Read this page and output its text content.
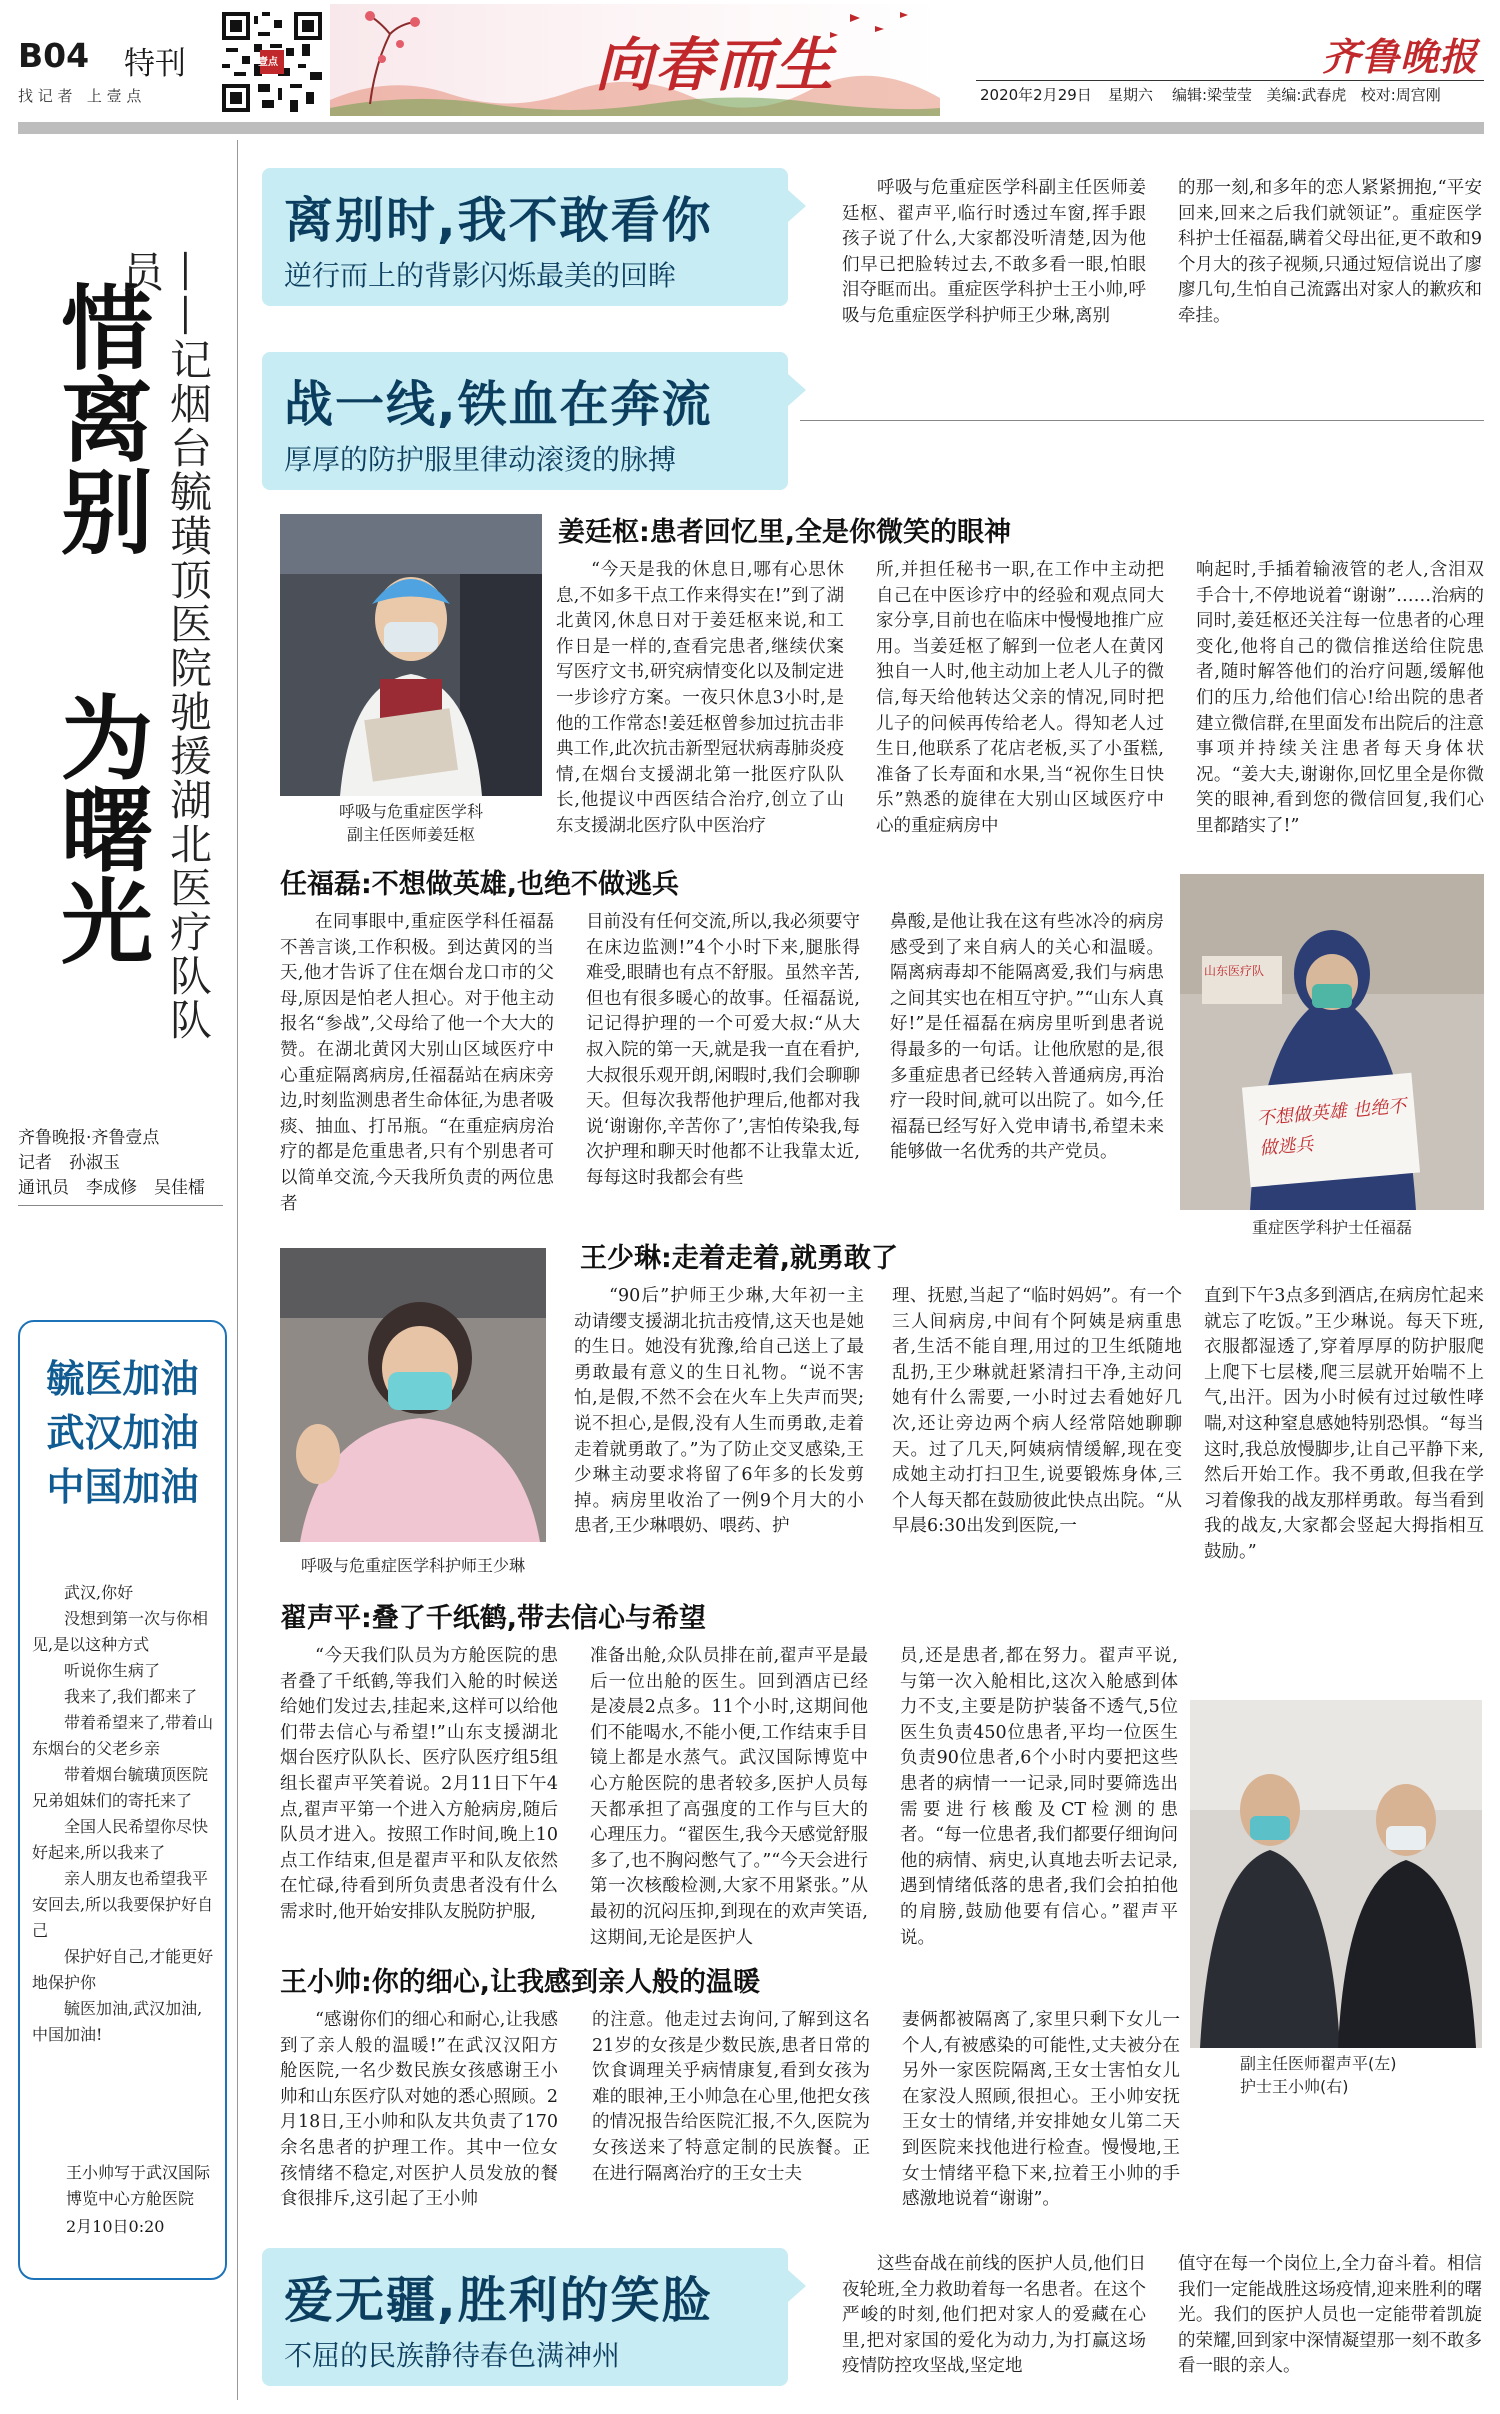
B04 特刊
找 记 者   上 壹 点
壹点	向春而生	齐鲁晚报
2020年2月29日 星期六 编辑:梁莹莹   美编:武春虎   校对:周宫刚
惜离别
为曙光 ——记烟台毓璜顶医院驰援湖北医疗队队员
齐鲁晚报·齐鲁壹点
记者　孙淑玉
通讯员　李成修　吴佳檑
毓医加油
武汉加油
中国加油
武汉,你好
没想到第一次与你相见,是以这种方式
听说你生病了
我来了,我们都来了
带着希望来了,带着山东烟台的父老乡亲
带着烟台毓璜顶医院兄弟姐妹们的寄托来了
全国人民希望你尽快好起来,所以我来了
亲人朋友也希望我平安回去,所以我要保护好自己
保护好自己,才能更好地保护你
毓医加油,武汉加油,中国加油!
王小帅写于武汉国际博览中心方舱医院
2月10日0:20
离别时,我不敢看你
逆行而上的背影闪烁最美的回眸
战一线,铁血在奔流
厚厚的防护服里律动滚烫的脉搏
爱无疆,胜利的笑脸
不屈的民族静待春色满神州

呼吸与危重症医学科副主任医师姜廷枢、翟声平,临行时透过车窗,挥手跟孩子说了什么,大家都没听清楚,因为他们早已把脸转过去,不敢多看一眼,怕眼泪夺眶而出。重症医学科护士王小帅,呼吸与危重症医学科护师王少琳,离别

的那一刻,和多年的恋人紧紧拥抱,“平安回来,回来之后我们就领证”。重症医学科护士任福磊,瞒着父母出征,更不敢和9个月大的孩子视频,只通过短信说出了廖廖几句,生怕自己流露出对家人的歉疚和牵挂。

姜廷枢:患者回忆里,全是你微笑的眼神
呼吸与危重症医学科
副主任医师姜廷枢

“今天是我的休息日,哪有心思休息,不如多干点工作来得实在!”到了湖北黄冈,休息日对于姜廷枢来说,和工作日是一样的,查看完患者,继续伏案写医疗文书,研究病情变化以及制定进一步诊疗方案。一夜只休息3小时,是他的工作常态!姜廷枢曾参加过抗击非典工作,此次抗击新型冠状病毒肺炎疫情,在烟台支援湖北第一批医疗队队长,他提议中西医结合治疗,创立了山东支援湖北医疗队中医治疗

所,并担任秘书一职,在工作中主动把自己在中医诊疗中的经验和观点同大家分享,目前也在临床中慢慢地推广应用。当姜廷枢了解到一位老人在黄冈独自一人时,他主动加上老人儿子的微信,每天给他转达父亲的情况,同时把儿子的问候再传给老人。得知老人过生日,他联系了花店老板,买了小蛋糕,准备了长寿面和水果,当“祝你生日快乐”熟悉的旋律在大别山区域医疗中心的重症病房中

响起时,手插着输液管的老人,含泪双手合十,不停地说着“谢谢”……治病的同时,姜廷枢还关注每一位患者的心理变化,他将自己的微信推送给住院患者,随时解答他们的治疗问题,缓解他们的压力,给他们信心!给出院的患者建立微信群,在里面发布出院后的注意事项并持续关注患者每天身体状况。“姜大夫,谢谢你,回忆里全是你微笑的眼神,看到您的微信回复,我们心里都踏实了!”

任福磊:不想做英雄,也绝不做逃兵

在同事眼中,重症医学科任福磊不善言谈,工作积极。到达黄冈的当天,他才告诉了住在烟台龙口市的父母,原因是怕老人担心。对于他主动报名“参战”,父母给了他一个大大的赞。在湖北黄冈大别山区域医疗中心重症隔离病房,任福磊站在病床旁边,时刻监测患者生命体征,为患者吸痰、抽血、打吊瓶。“在重症病房治疗的都是危重患者,只有个别患者可以简单交流,今天我所负责的两位患者

目前没有任何交流,所以,我必须要守在床边监测!”4个小时下来,腿胀得难受,眼睛也有点不舒服。虽然辛苦,但也有很多暖心的故事。任福磊说,记记得护理的一个可爱大叔:“从大叔入院的第一天,就是我一直在看护,大叔很乐观开朗,闲暇时,我们会聊聊天。但每次我帮他护理后,他都对我说‘谢谢你,辛苦你了’,害怕传染我,每次护理和聊天时他都不让我靠太近,每每这时我都会有些

鼻酸,是他让我在这有些冰冷的病房感受到了来自病人的关心和温暖。隔离病毒却不能隔离爱,我们与病患之间其实也在相互守护。”“山东人真好!”是任福磊在病房里听到患者说得最多的一句话。让他欣慰的是,很多重症患者已经转入普通病房,再治疗一段时间,就可以出院了。如今,任福磊已经写好入党申请书,希望未来能够做一名优秀的共产党员。

山东医疗队
不想做英雄 也绝不做逃兵
重症医学科护士任福磊
王少琳:走着走着,就勇敢了
呼吸与危重症医学科护师王少琳

“90后”护师王少琳,大年初一主动请缨支援湖北抗击疫情,这天也是她的生日。她没有犹豫,给自己送上了最勇敢最有意义的生日礼物。“说不害怕,是假,不然不会在火车上失声而哭;说不担心,是假,没有人生而勇敢,走着走着就勇敢了。”为了防止交叉感染,王少琳主动要求将留了6年多的长发剪掉。病房里收治了一例9个月大的小患者,王少琳喂奶、喂药、护

理、抚慰,当起了“临时妈妈”。有一个三人间病房,中间有个阿姨是病重患者,生活不能自理,用过的卫生纸随地乱扔,王少琳就赶紧清扫干净,主动问她有什么需要,一小时过去看她好几次,还让旁边两个病人经常陪她聊聊天。过了几天,阿姨病情缓解,现在变成她主动打扫卫生,说要锻炼身体,三个人每天都在鼓励彼此快点出院。“从早晨6:30出发到医院,一

直到下午3点多到酒店,在病房忙起来就忘了吃饭。”王少琳说。每天下班,衣服都湿透了,穿着厚厚的防护服爬上爬下七层楼,爬三层就开始喘不上气,出汗。因为小时候有过过敏性哮喘,对这种窒息感她特别恐惧。“每当这时,我总放慢脚步,让自己平静下来,然后开始工作。我不勇敢,但我在学习着像我的战友那样勇敢。每当看到我的战友,大家都会竖起大拇指相互鼓励。”

翟声平:叠了千纸鹤,带去信心与希望

“今天我们队员为方舱医院的患者叠了千纸鹤,等我们入舱的时候送给她们发过去,挂起来,这样可以给他们带去信心与希望!”山东支援湖北烟台医疗队队长、医疗队医疗组5组组长翟声平笑着说。2月11日下午4点,翟声平第一个进入方舱病房,随后队员才进入。按照工作时间,晚上10点工作结束,但是翟声平和队友依然在忙碌,待看到所负责患者没有什么需求时,他开始安排队友脱防护服,

准备出舱,众队员排在前,翟声平是最后一位出舱的医生。回到酒店已经是凌晨2点多。11个小时,这期间他们不能喝水,不能小便,工作结束手目镜上都是水蒸气。武汉国际博览中心方舱医院的患者较多,医护人员每天都承担了高强度的工作与巨大的心理压力。“翟医生,我今天感觉舒服多了,也不胸闷憋气了。”“今天会进行第一次核酸检测,大家不用紧张。”从最初的沉闷压抑,到现在的欢声笑语,这期间,无论是医护人

员,还是患者,都在努力。翟声平说,与第一次入舱相比,这次入舱感到体力不支,主要是防护装备不透气,5位医生负责450位患者,平均一位医生负责90位患者,6个小时内要把这些患者的病情一一记录,同时要筛选出需要进行核酸及CT检测的患者。“每一位患者,我们都要仔细询问他的病情、病史,认真地去听去记录,遇到情绪低落的患者,我们会拍拍他的肩膀,鼓励他要有信心。”翟声平说。

王小帅:你的细心,让我感到亲人般的温暖

“感谢你们的细心和耐心,让我感到了亲人般的温暖!”在武汉汉阳方舱医院,一名少数民族女孩感谢王小帅和山东医疗队对她的悉心照顾。2月18日,王小帅和队友共负责了170余名患者的护理工作。其中一位女孩情绪不稳定,对医护人员发放的餐食很排斥,这引起了王小帅

的注意。他走过去询问,了解到这名21岁的女孩是少数民族,患者日常的饮食调理关乎病情康复,看到女孩为难的眼神,王小帅急在心里,他把女孩的情况报告给医院汇报,不久,医院为女孩送来了特意定制的民族餐。正在进行隔离治疗的王女士夫

妻俩都被隔离了,家里只剩下女儿一个人,有被感染的可能性,丈夫被分在另外一家医院隔离,王女士害怕女儿在家没人照顾,很担心。王小帅安抚王女士的情绪,并安排她女儿第二天到医院来找他进行检查。慢慢地,王女士情绪平稳下来,拉着王小帅的手感激地说着“谢谢”。

副主任医师翟声平(左)
护士王小帅(右)

这些奋战在前线的医护人员,他们日夜轮班,全力救助着每一名患者。在这个严峻的时刻,他们把对家人的爱藏在心里,把对家国的爱化为动力,为打赢这场疫情防控攻坚战,坚定地

值守在每一个岗位上,全力奋斗着。相信我们一定能战胜这场疫情,迎来胜利的曙光。我们的医护人员也一定能带着凯旋的荣耀,回到家中深情凝望那一刻不敢多看一眼的亲人。
